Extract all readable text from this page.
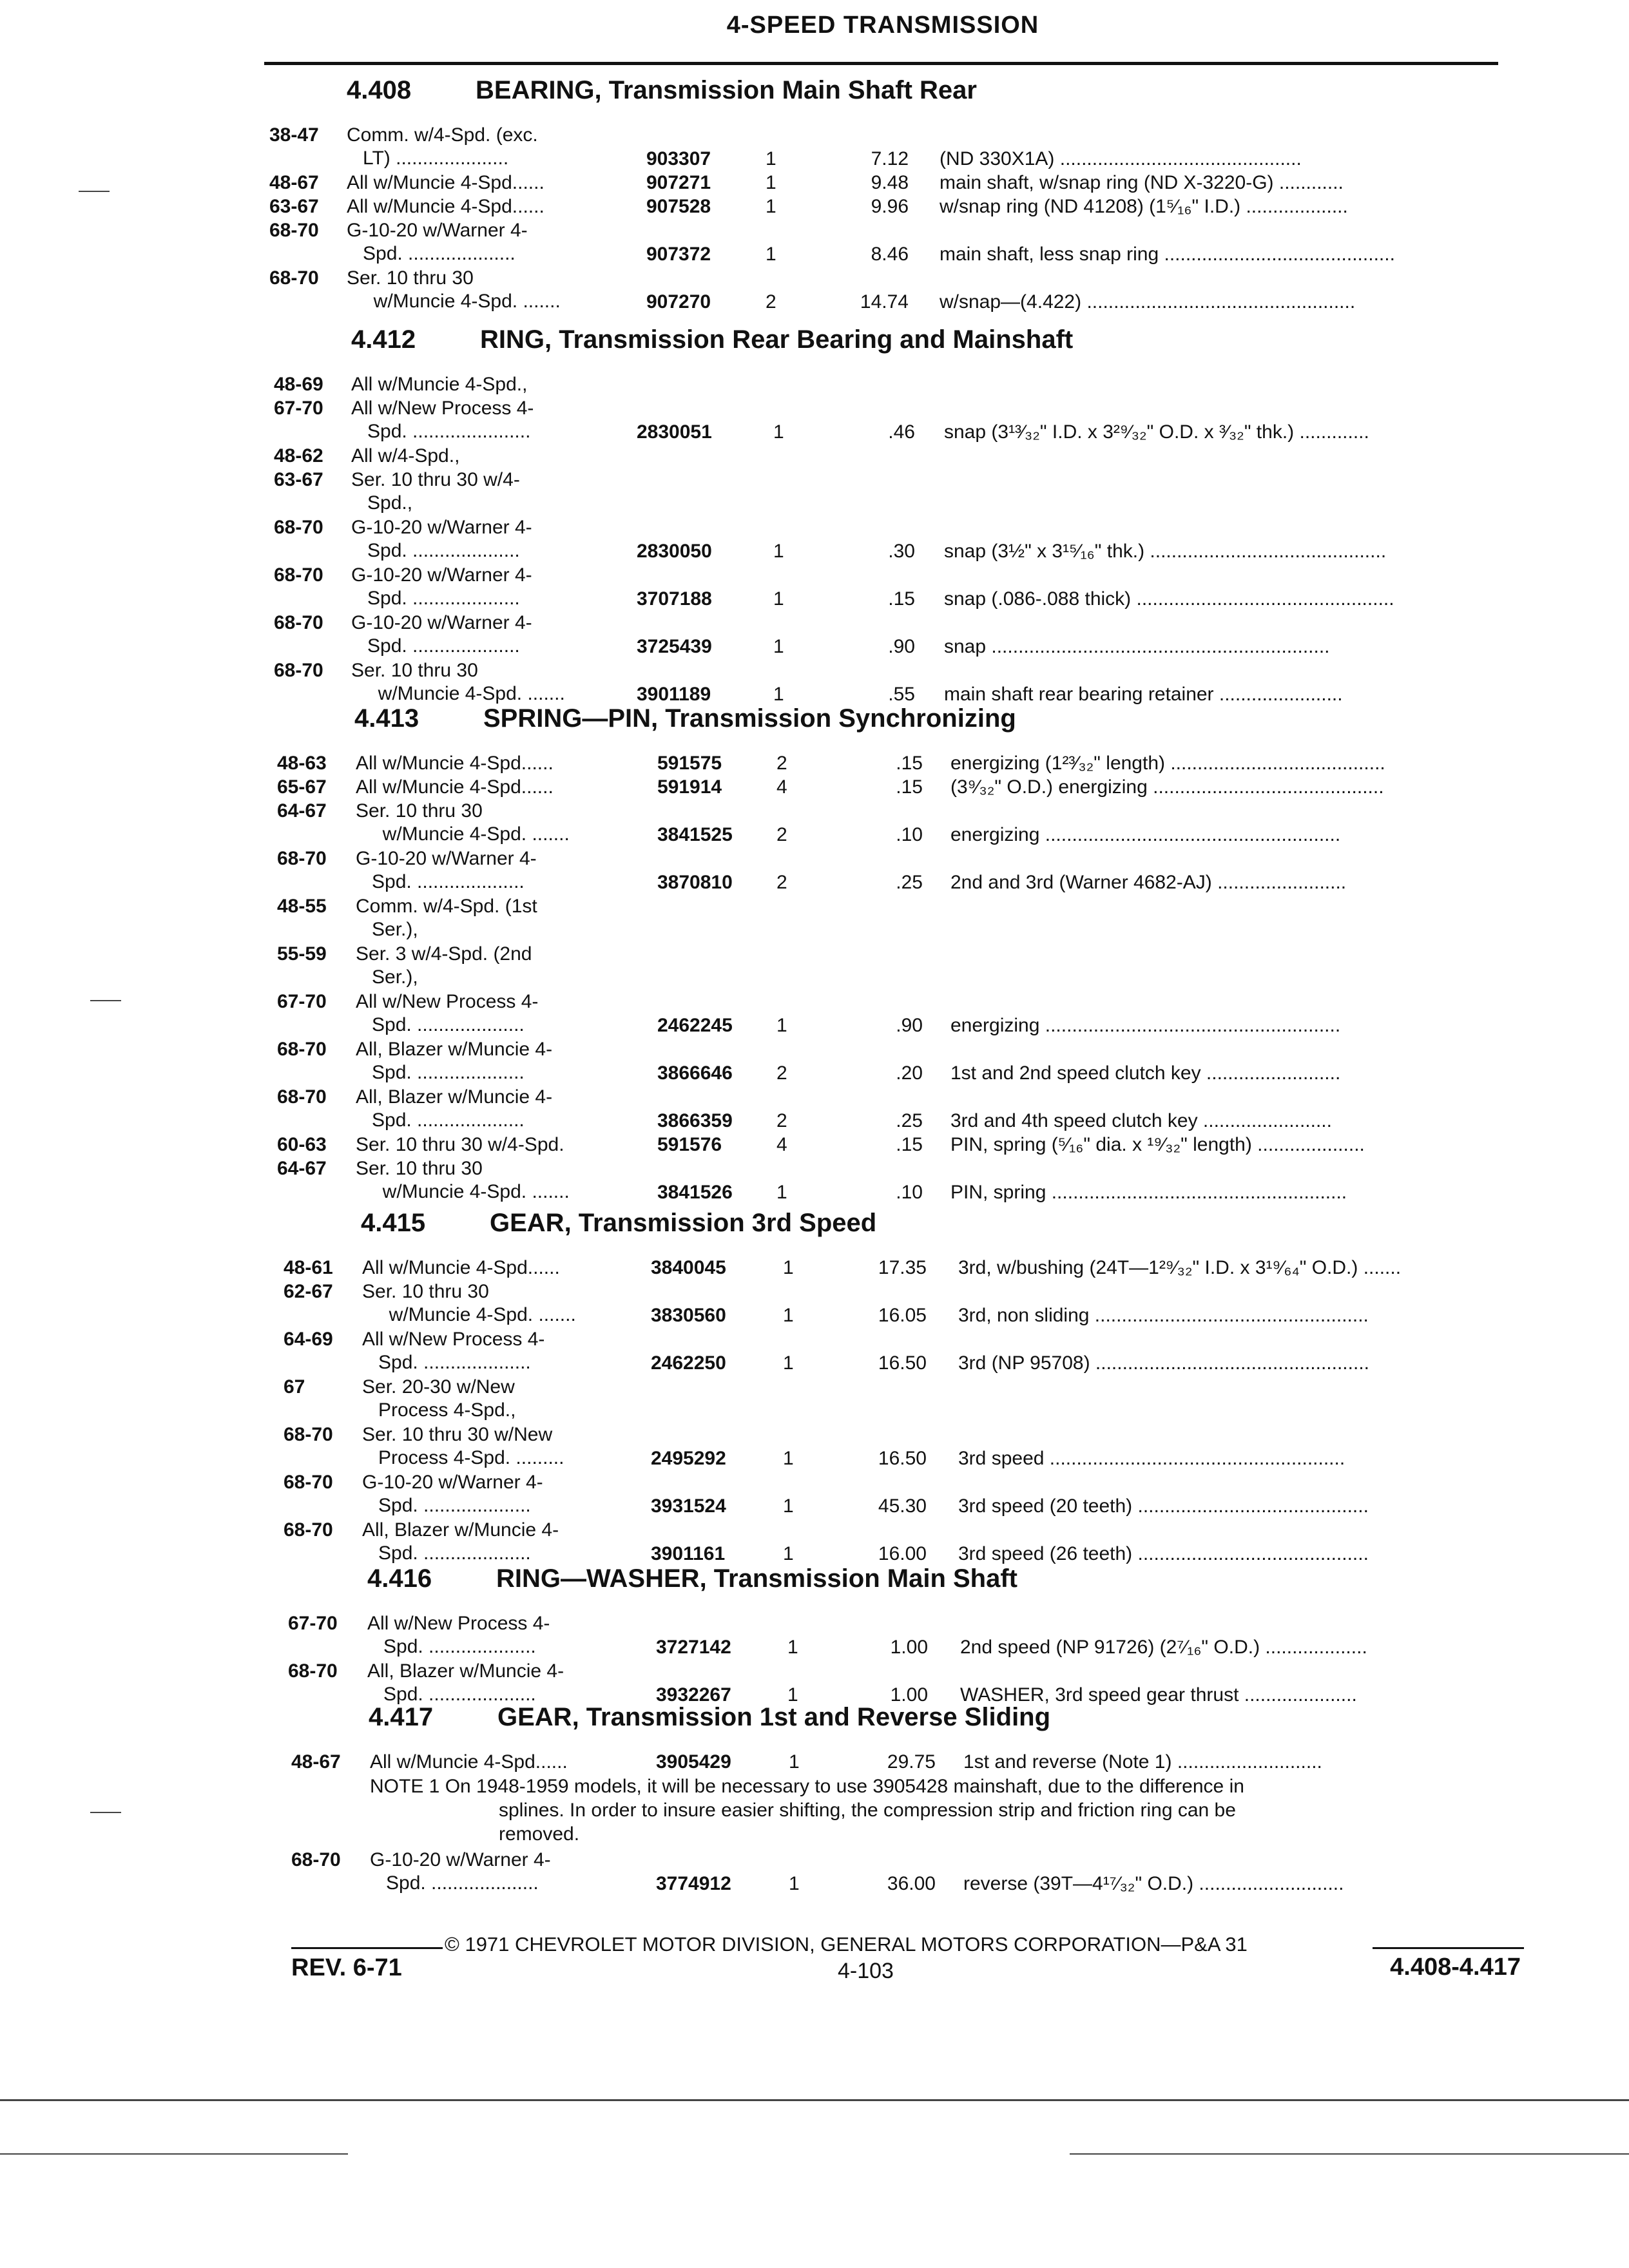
4-SPEED TRANSMISSION
4.408 BEARING, Transmission Main Shaft Rear
38-47 Comm. w/4-Spd. (exc.
LT) .....................	903307	1	7.12 (ND 330X1A) .............................................
48-67 All w/Muncie 4-Spd......	907271	1	9.48 main shaft, w/snap ring (ND X-3220-G) ............
63-67 All w/Muncie 4-Spd......	907528	1	9.96 w/snap ring (ND 41208) (1⁵⁄₁₆" I.D.) ...................
68-70 G-10-20 w/Warner 4-
Spd. ....................	907372	1	8.46 main shaft, less snap ring ...........................................
68-70 Ser. 10 thru 30
w/Muncie 4-Spd. .......	907270	2	14.74 w/snap—(4.422) ..................................................
4.412 RING, Transmission Rear Bearing and Mainshaft
48-69 All w/Muncie 4-Spd.,
67-70 All w/New Process 4-
Spd. ......................	2830051	1	.46 snap (3¹³⁄₃₂" I.D. x 3²⁹⁄₃₂" O.D. x ³⁄₃₂" thk.) .............
48-62 All w/4-Spd.,
63-67 Ser. 10 thru 30 w/4-
Spd.,
68-70 G-10-20 w/Warner 4-
Spd. ....................	2830050	1	.30 snap (3½" x 3¹⁵⁄₁₆" thk.) ............................................
68-70 G-10-20 w/Warner 4-
Spd. ....................	3707188	1	.15 snap (.086-.088 thick) ................................................
68-70 G-10-20 w/Warner 4-
Spd. ....................	3725439	1	.90 snap ...............................................................
68-70 Ser. 10 thru 30
w/Muncie 4-Spd. .......	3901189	1	.55 main shaft rear bearing retainer .......................
4.413 SPRING—PIN, Transmission Synchronizing
48-63 All w/Muncie 4-Spd......	591575	2	.15 energizing (1²³⁄₃₂" length) ........................................
65-67 All w/Muncie 4-Spd......	591914	4	.15 (3⁹⁄₃₂" O.D.) energizing ...........................................
64-67 Ser. 10 thru 30
w/Muncie 4-Spd. .......	3841525 2	.10 energizing .......................................................
68-70 G-10-20 w/Warner 4-
Spd. ....................	3870810 2	.25 2nd and 3rd (Warner 4682-AJ) ........................
48-55 Comm. w/4-Spd. (1st
Ser.),
55-59 Ser. 3 w/4-Spd. (2nd
Ser.),
67-70 All w/New Process 4-
Spd. ....................	2462245 1	.90 energizing .......................................................
68-70 All, Blazer w/Muncie 4-
Spd. ....................	3866646 2	.20 1st and 2nd speed clutch key .........................
68-70 All, Blazer w/Muncie 4-
Spd. ....................	3866359 2	.25 3rd and 4th speed clutch key ........................
60-63 Ser. 10 thru 30 w/4-Spd.	591576	4	.15 PIN, spring (⁵⁄₁₆" dia. x ¹⁹⁄₃₂" length) ....................
64-67 Ser. 10 thru 30
w/Muncie 4-Spd. .......	3841526 1	.10 PIN, spring .......................................................
4.415 GEAR, Transmission 3rd Speed
48-61 All w/Muncie 4-Spd......	3840045	1	17.35 3rd, w/bushing (24T—1²⁹⁄₃₂" I.D. x 3¹⁹⁄₆₄" O.D.) .......
62-67 Ser. 10 thru 30
w/Muncie 4-Spd. .......	3830560	1	16.05 3rd, non sliding ...................................................
64-69 All w/New Process 4-
Spd. ....................	2462250	1	16.50 3rd (NP 95708) ...................................................
67	Ser. 20-30 w/New
Process 4-Spd.,
68-70 Ser. 10 thru 30 w/New
Process 4-Spd. .........	2495292	1	16.50 3rd speed .......................................................
68-70 G-10-20 w/Warner 4-
Spd. ....................	3931524	1	45.30 3rd speed (20 teeth) ...........................................
68-70 All, Blazer w/Muncie 4-
Spd. ....................	3901161	1	16.00 3rd speed (26 teeth) ...........................................
4.416 RING—WASHER, Transmission Main Shaft
67-70 All w/New Process 4-
Spd. ....................	3727142	1	1.00 2nd speed (NP 91726) (2⁷⁄₁₆" O.D.) ...................
68-70 All, Blazer w/Muncie 4-
Spd. ....................	3932267	1	1.00 WASHER, 3rd speed gear thrust .....................
4.417 GEAR, Transmission 1st and Reverse Sliding
48-67 All w/Muncie 4-Spd......	3905429	1	29.75 1st and reverse (Note 1) ...........................
NOTE 1 On 1948-1959 models, it will be necessary to use 3905428 mainshaft, due to the difference in
splines. In order to insure easier shifting, the compression strip and friction ring can be
removed.
68-70 G-10-20 w/Warner 4-
Spd. ....................	3774912	1	36.00 reverse (39T—4¹⁷⁄₃₂" O.D.) ...........................
© 1971 CHEVROLET MOTOR DIVISION, GENERAL MOTORS CORPORATION—P&A 31
REV. 6-71	4-103	4.408-4.417
